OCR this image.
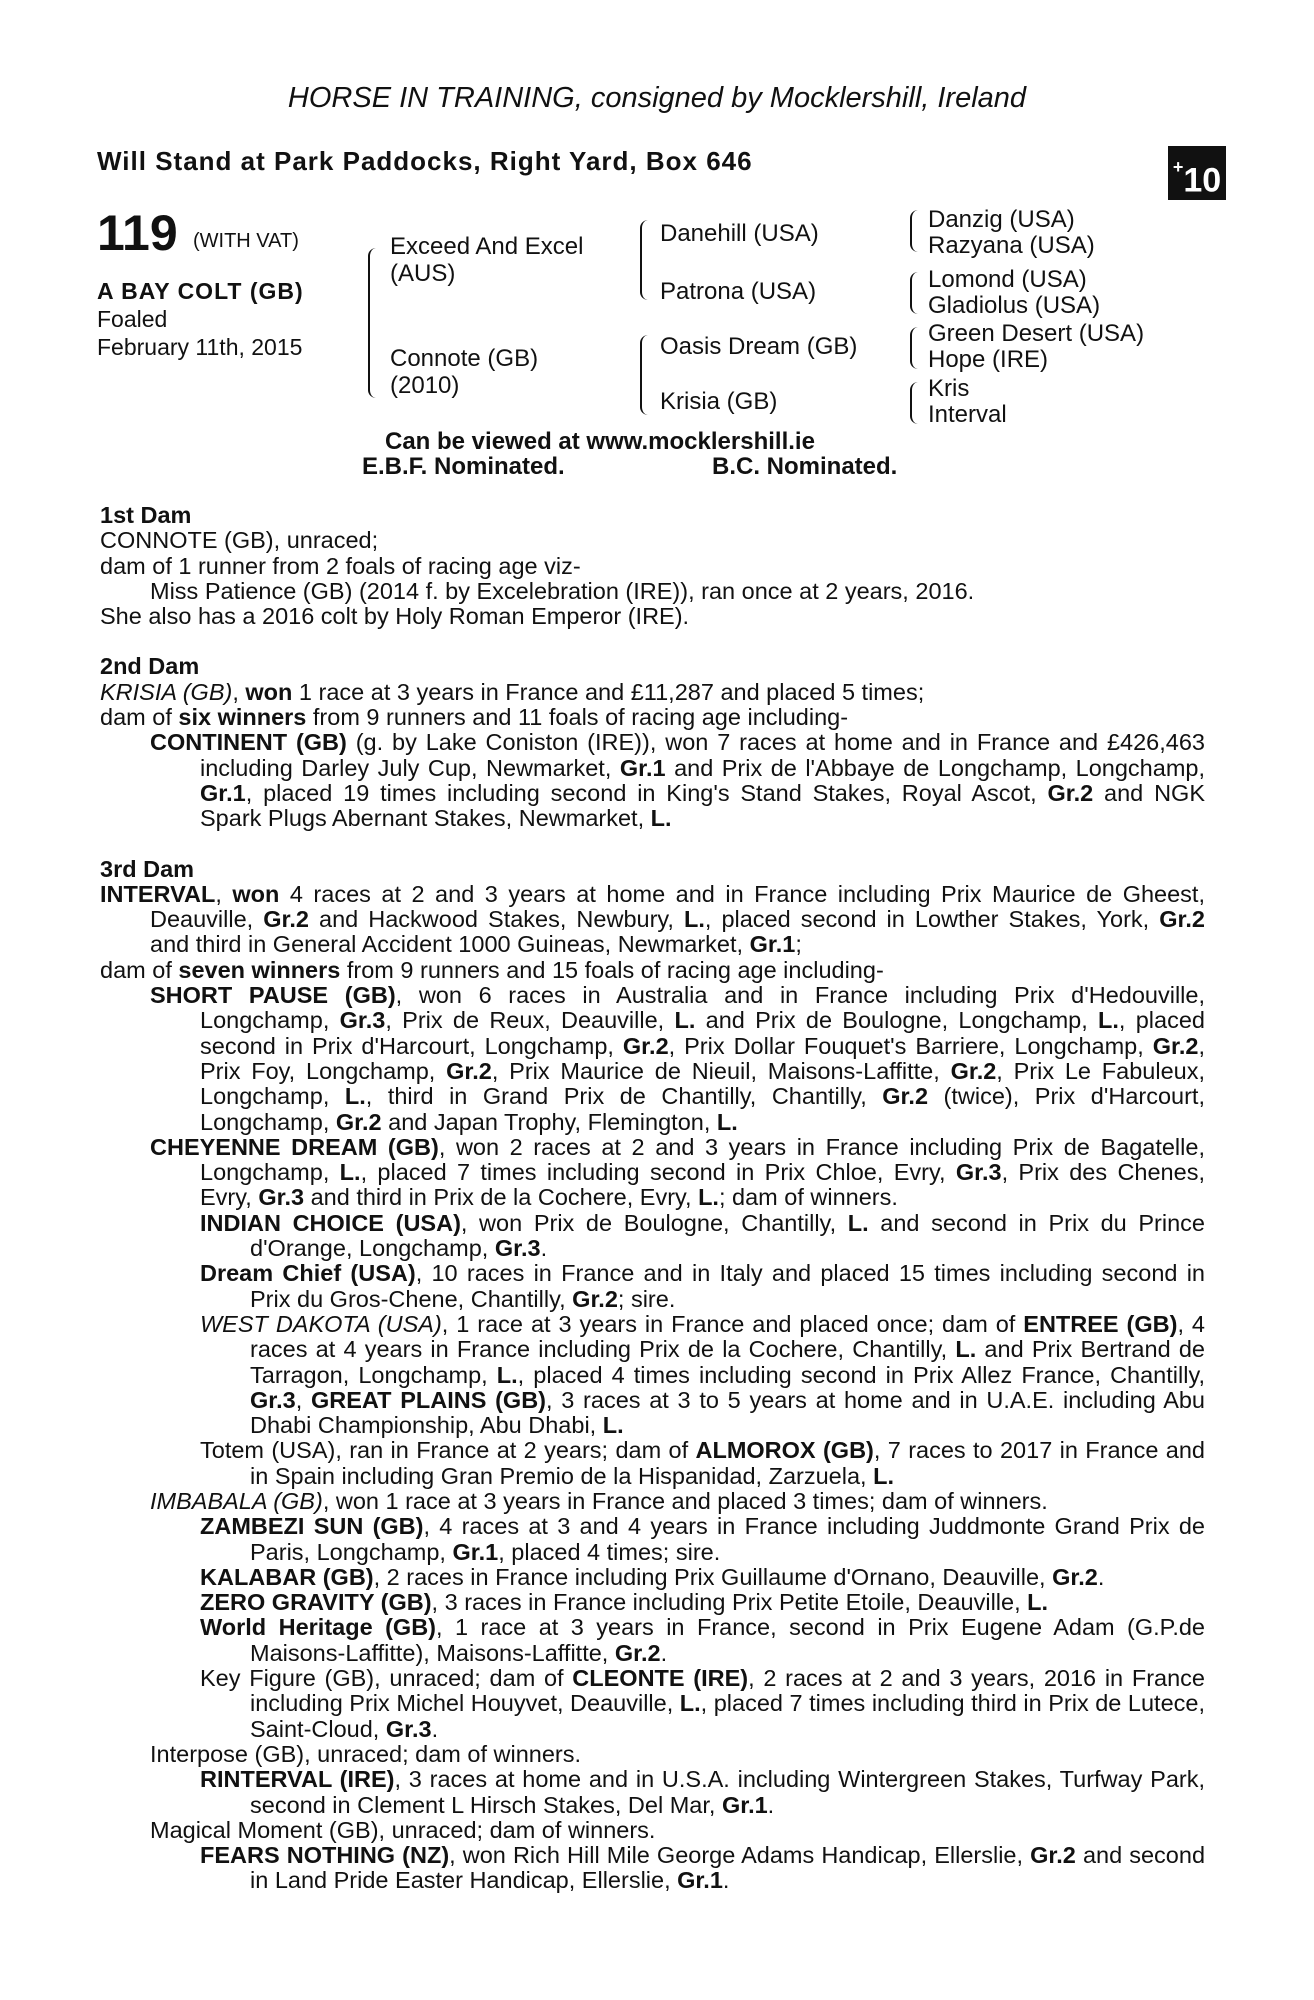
HORSE IN TRAINING, consigned by Mocklershill, Ireland
Will Stand at Park Paddocks, Right Yard, Box 646	+10
119 (WITH VAT)
A BAY COLT (GB)
Foaled
February 11th, 2015
Exceed And Excel (AUS)
Connote (GB) (2010)
Danehill (USA)
Patrona (USA)
Oasis Dream (GB)
Krisia (GB)
Danzig (USA)
Razyana (USA)
Lomond (USA)
Gladiolus (USA)
Green Desert (USA)
Hope (IRE)
Kris
Interval
Can be viewed at www.mocklershill.ie
E.B.F. Nominated.	B.C. Nominated.
1st Dam
CONNOTE (GB), unraced;
dam of 1 runner from 2 foals of racing age viz-
Miss Patience (GB) (2014 f. by Excelebration (IRE)), ran once at 2 years, 2016.
She also has a 2016 colt by Holy Roman Emperor (IRE).
2nd Dam
KRISIA (GB), won 1 race at 3 years in France and £11,287 and placed 5 times;
dam of six winners from 9 runners and 11 foals of racing age including-
CONTINENT (GB) (g. by Lake Coniston (IRE)), won 7 races at home and in France and £426,463 including Darley July Cup, Newmarket, Gr.1 and Prix de l'Abbaye de Longchamp, Longchamp, Gr.1, placed 19 times including second in King's Stand Stakes, Royal Ascot, Gr.2 and NGK Spark Plugs Abernant Stakes, Newmarket, L.
3rd Dam
INTERVAL, won 4 races at 2 and 3 years at home and in France including Prix Maurice de Gheest, Deauville, Gr.2 and Hackwood Stakes, Newbury, L., placed second in Lowther Stakes, York, Gr.2 and third in General Accident 1000 Guineas, Newmarket, Gr.1;
dam of seven winners from 9 runners and 15 foals of racing age including-
SHORT PAUSE (GB), won 6 races in Australia and in France including Prix d'Hedouville, Longchamp, Gr.3, Prix de Reux, Deauville, L. and Prix de Boulogne, Longchamp, L., placed second in Prix d'Harcourt, Longchamp, Gr.2, Prix Dollar Fouquet's Barriere, Longchamp, Gr.2, Prix Foy, Longchamp, Gr.2, Prix Maurice de Nieuil, Maisons-Laffitte, Gr.2, Prix Le Fabuleux, Longchamp, L., third in Grand Prix de Chantilly, Chantilly, Gr.2 (twice), Prix d'Harcourt, Longchamp, Gr.2 and Japan Trophy, Flemington, L.
CHEYENNE DREAM (GB), won 2 races at 2 and 3 years in France including Prix de Bagatelle, Longchamp, L., placed 7 times including second in Prix Chloe, Evry, Gr.3, Prix des Chenes, Evry, Gr.3 and third in Prix de la Cochere, Evry, L.; dam of winners.
INDIAN CHOICE (USA), won Prix de Boulogne, Chantilly, L. and second in Prix du Prince d'Orange, Longchamp, Gr.3.
Dream Chief (USA), 10 races in France and in Italy and placed 15 times including second in Prix du Gros-Chene, Chantilly, Gr.2; sire.
WEST DAKOTA (USA), 1 race at 3 years in France and placed once; dam of ENTREE (GB), 4 races at 4 years in France including Prix de la Cochere, Chantilly, L. and Prix Bertrand de Tarragon, Longchamp, L., placed 4 times including second in Prix Allez France, Chantilly, Gr.3, GREAT PLAINS (GB), 3 races at 3 to 5 years at home and in U.A.E. including Abu Dhabi Championship, Abu Dhabi, L.
Totem (USA), ran in France at 2 years; dam of ALMOROX (GB), 7 races to 2017 in France and in Spain including Gran Premio de la Hispanidad, Zarzuela, L.
IMBABALA (GB), won 1 race at 3 years in France and placed 3 times; dam of winners.
ZAMBEZI SUN (GB), 4 races at 3 and 4 years in France including Juddmonte Grand Prix de Paris, Longchamp, Gr.1, placed 4 times; sire.
KALABAR (GB), 2 races in France including Prix Guillaume d'Ornano, Deauville, Gr.2.
ZERO GRAVITY (GB), 3 races in France including Prix Petite Etoile, Deauville, L.
World Heritage (GB), 1 race at 3 years in France, second in Prix Eugene Adam (G.P.de Maisons-Laffitte), Maisons-Laffitte, Gr.2.
Key Figure (GB), unraced; dam of CLEONTE (IRE), 2 races at 2 and 3 years, 2016 in France including Prix Michel Houyvet, Deauville, L., placed 7 times including third in Prix de Lutece, Saint-Cloud, Gr.3.
Interpose (GB), unraced; dam of winners.
RINTERVAL (IRE), 3 races at home and in U.S.A. including Wintergreen Stakes, Turfway Park, second in Clement L Hirsch Stakes, Del Mar, Gr.1.
Magical Moment (GB), unraced; dam of winners.
FEARS NOTHING (NZ), won Rich Hill Mile George Adams Handicap, Ellerslie, Gr.2 and second in Land Pride Easter Handicap, Ellerslie, Gr.1.
